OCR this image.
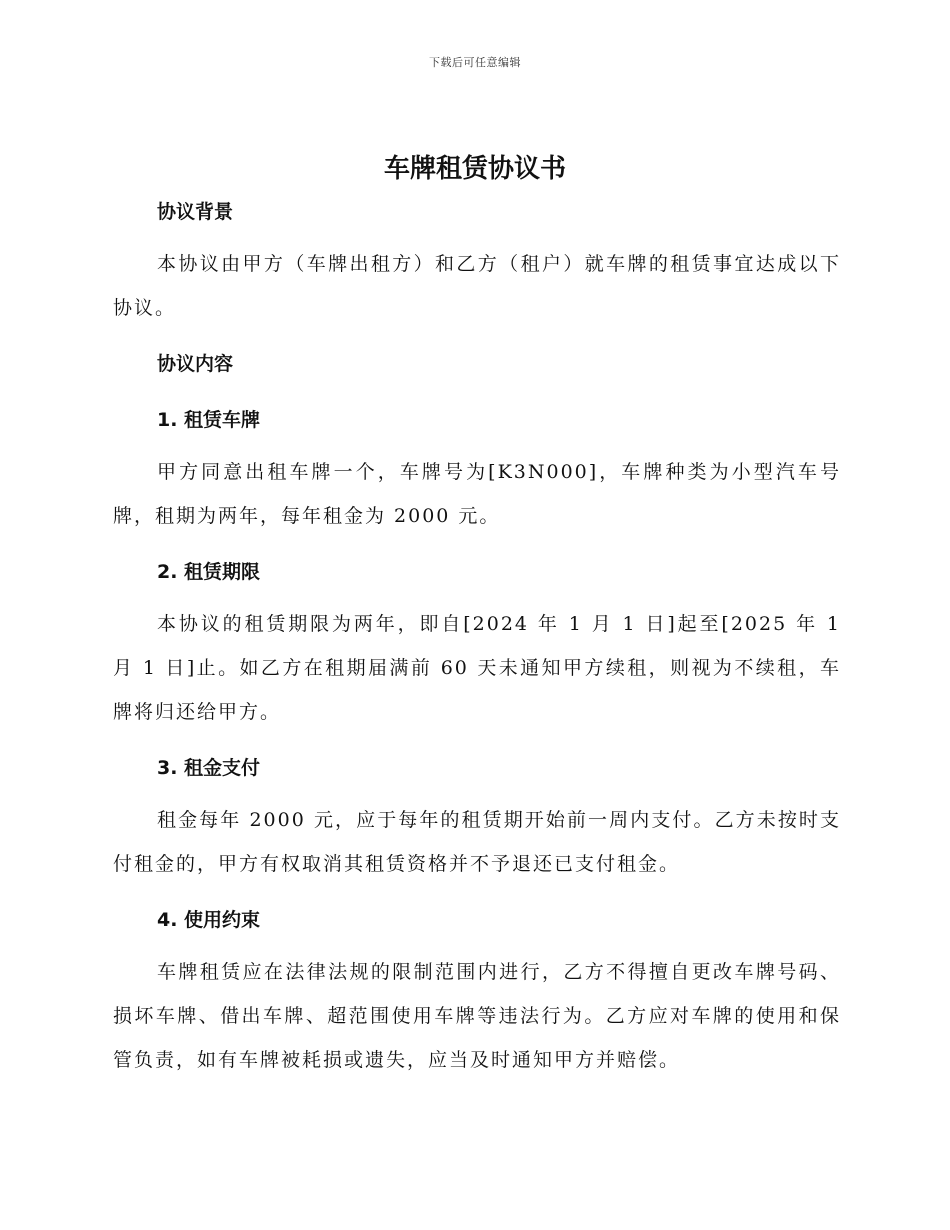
下载后可任意编辑
车牌租赁协议书

协议背景

本协议由甲方（车牌出租方）和乙方（租户）就车牌的租赁事宜达成以下协议。

协议内容

1. 租赁车牌

甲方同意出租车牌一个，车牌号为[K3N000]，车牌种类为小型汽车号牌，租期为两年，每年租金为 2000 元。

2. 租赁期限

本协议的租赁期限为两年，即自[2024 年 1 月 1 日]起至[2025 年 1 月 1 日]止。如乙方在租期届满前 60 天未通知甲方续租，则视为不续租，车牌将归还给甲方。

3. 租金支付

租金每年 2000 元，应于每年的租赁期开始前一周内支付。乙方未按时支付租金的，甲方有权取消其租赁资格并不予退还已支付租金。

4. 使用约束

车牌租赁应在法律法规的限制范围内进行，乙方不得擅自更改车牌号码、损坏车牌、借出车牌、超范围使用车牌等违法行为。乙方应对车牌的使用和保管负责，如有车牌被耗损或遗失，应当及时通知甲方并赔偿。
